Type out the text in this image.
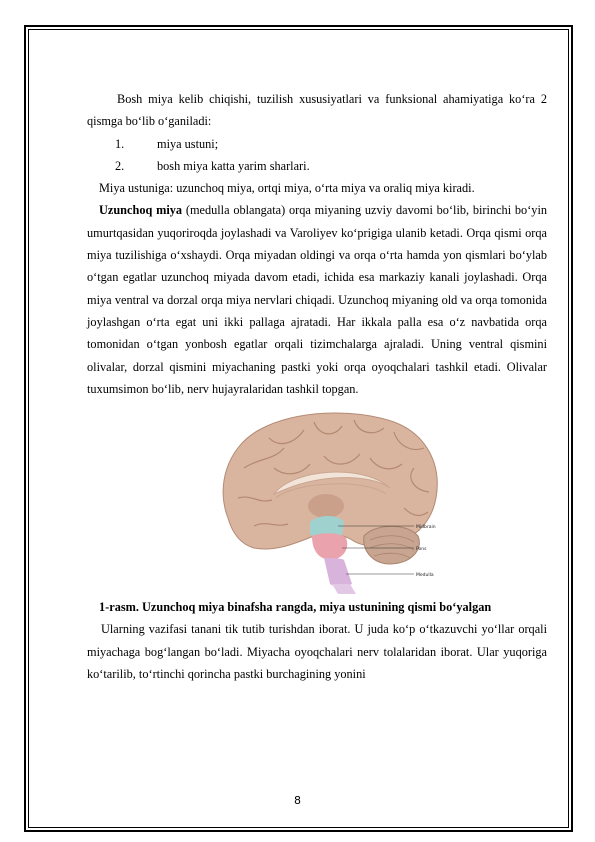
Bosh miya kelib chiqishi, tuzilish xususiyatlari va funksional ahamiyatiga ko‘ra 2 qismga bo‘lib o‘ganiladi:

1.	miya ustuni;
2.	bosh miya katta yarim sharlari.

Miya ustuniga: uzunchoq miya, ortqi miya, o‘rta miya va oraliq miya kiradi.

Uzunchoq miya (medulla oblangata) orqa miyaning uzviy davomi bo‘lib, birinchi bo‘yin umurtqasidan yuqoriroqda joylashadi va Varoliyev ko‘prigiga ulanib ketadi. Orqa qismi orqa miya tuzilishiga o‘xshaydi. Orqa miyadan oldingi va orqa o‘rta hamda yon qismlari bo‘ylab o‘tgan egatlar uzunchoq miyada davom etadi, ichida esa markaziy kanali joylashadi. Orqa miya ventral va dorzal orqa miya nervlari chiqadi. Uzunchoq miyaning old va orqa tomonida joylashgan o‘rta egat uni ikki pallaga ajratadi. Har ikkala palla esa o‘z navbatida orqa tomonidan o‘tgan yonbosh egatlar orqali tizimchalarga ajraladi. Uning ventral qismini olivalar, dorzal qismini miyachaning pastki yoki orqa oyoqchalari tashkil etadi. Olivalar tuxumsimon bo‘lib, nerv hujayralaridan tashkil topgan.

Midbrain
Pons
Medulla

1-rasm. Uzunchoq miya binafsha rangda, miya ustunining qismi bo‘yalgan

Ularning vazifasi tanani tik tutib turishdan iborat. U juda ko‘p o‘tkazuvchi yo‘llar orqali miyachaga bog‘langan bo‘ladi. Miyacha oyoqchalari nerv tolalaridan iborat. Ular yuqoriga ko‘tarilib, to‘rtinchi qorincha pastki burchagining yonini

8
